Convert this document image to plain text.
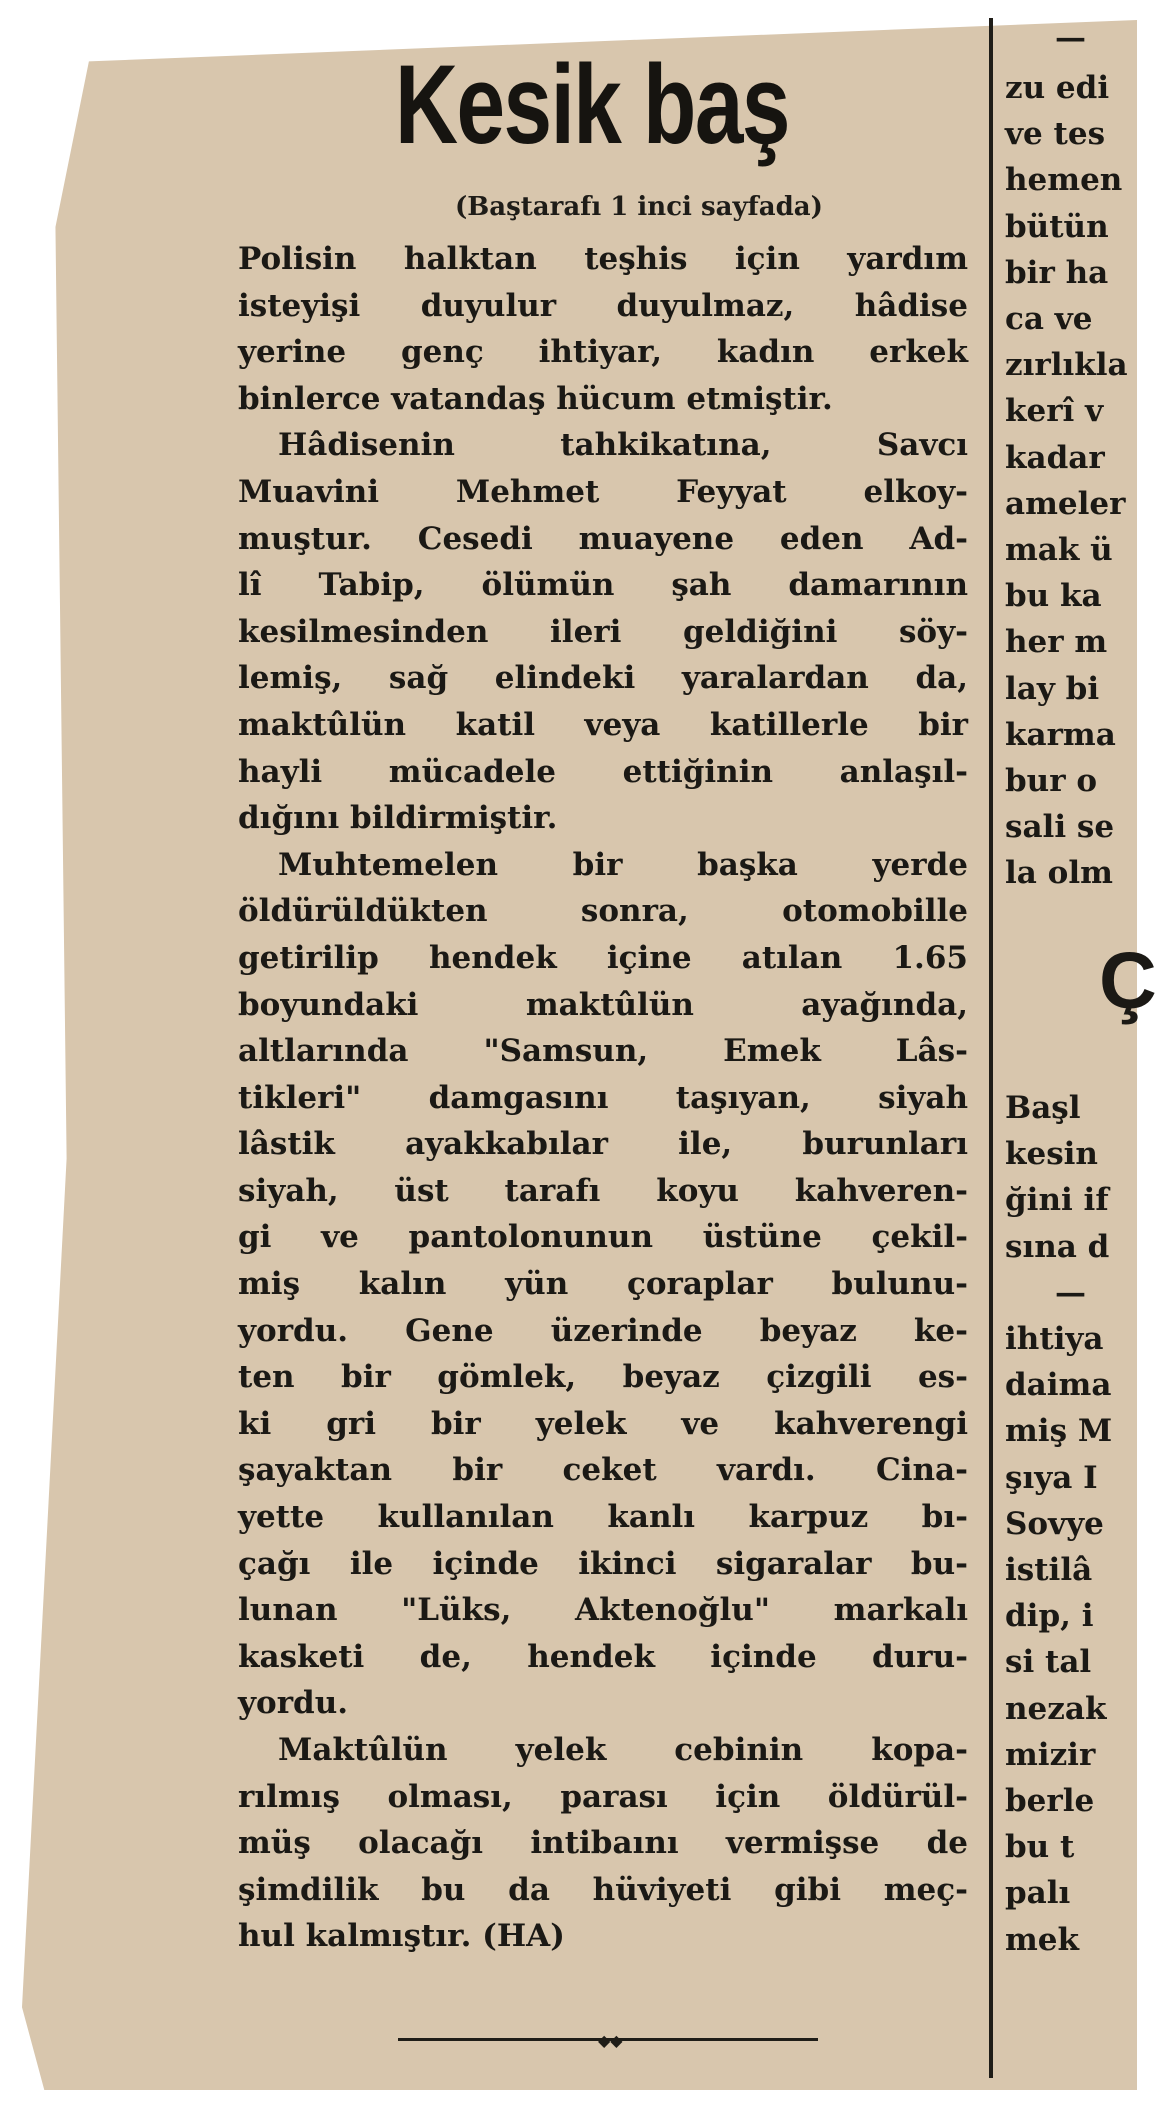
Kesik baş
(Baştarafı 1 inci sayfada)
Polisin halktan teşhis için yardım
isteyişi duyulur duyulmaz, hâdise
yerine genç ihtiyar, kadın erkek
binlerce vatandaş hücum etmiştir.
Hâdisenin tahkikatına, Savcı
Muavini Mehmet Feyyat elkoy-
muştur. Cesedi muayene eden Ad-
lî Tabip, ölümün şah damarının
kesilmesinden ileri geldiğini söy-
lemiş, sağ elindeki yaralardan da,
maktûlün katil veya katillerle bir
hayli mücadele ettiğinin anlaşıl-
dığını bildirmiştir.
Muhtemelen bir başka yerde
öldürüldükten sonra, otomobille
getirilip hendek içine atılan 1.65
boyundaki maktûlün ayağında,
altlarında "Samsun, Emek Lâs-
tikleri" damgasını taşıyan, siyah
lâstik ayakkabılar ile, burunları
siyah, üst tarafı koyu kahveren-
gi ve pantolonunun üstüne çekil-
miş kalın yün çoraplar bulunu-
yordu. Gene üzerinde beyaz ke-
ten bir gömlek, beyaz çizgili es-
ki gri bir yelek ve kahverengi
şayaktan bir ceket vardı. Cina-
yette kullanılan kanlı karpuz bı-
çağı ile içinde ikinci sigaralar bu-
lunan "Lüks, Aktenoğlu" markalı
kasketi de, hendek içinde duru-
yordu.
Maktûlün yelek cebinin kopa-
rılmış olması, parası için öldürül-
müş olacağı intibaını vermişse de
şimdilik bu da hüviyeti gibi meç-
hul kalmıştır. (HA)
◆◆
—
Ç
zu edi
ve tes
hemen
bütün
bir ha
ca ve
zırlıkla
kerî v
kadar
ameler
mak ü
bu ka
her m
lay bi
karma
bur o
sali se
la olm
Başl
kesin
ğini if
sına d
—
ihtiya
daima
miş M
şıya I
Sovye
istilâ
dip, i
si tal
nezak
mizir
berle
bu t
palı
mek
